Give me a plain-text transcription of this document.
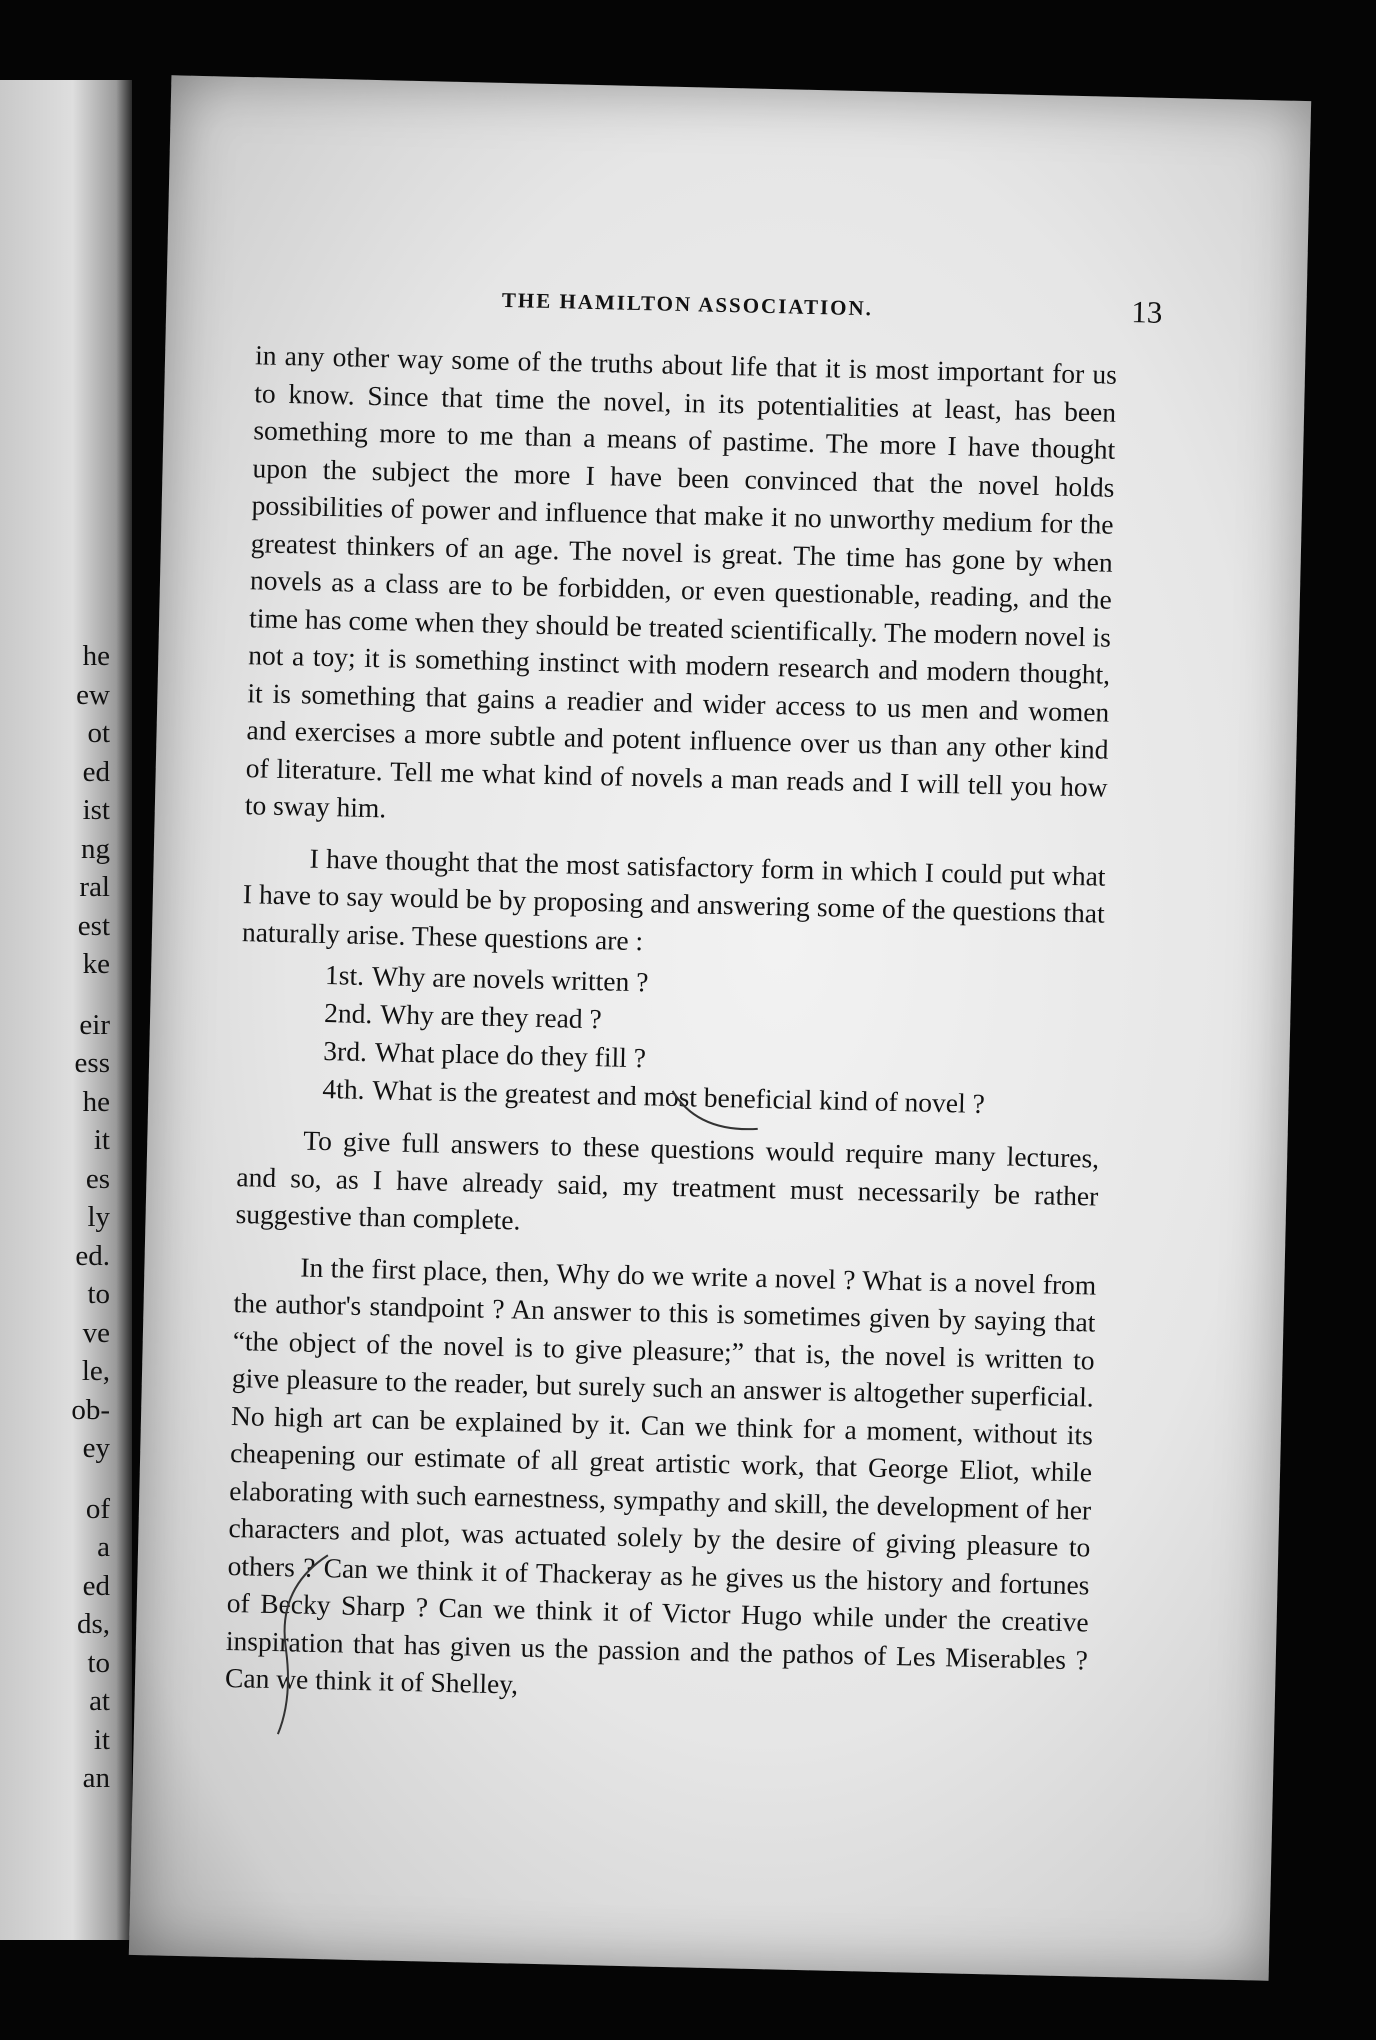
he
ew
ot
ed
ist
ng
ral
est
ke
eir
ess
he
it
es
ly
ed.
to
ve
le,
ob-
ey
of
a
ed
ds,
to
at
it
an
THE HAMILTON ASSOCIATION.	13

in any other way some of the truths about life that it is most important for us to know. Since that time the novel, in its potentialities at least, has been something more to me than a means of pastime. The more I have thought upon the subject the more I have been convinced that the novel holds possibilities of power and influence that make it no unworthy medium for the greatest thinkers of an age. The novel is great. The time has gone by when novels as a class are to be forbidden, or even questionable, reading, and the time has come when they should be treated scientifically. The modern novel is not a toy; it is something instinct with modern research and modern thought, it is something that gains a readier and wider access to us men and women and exercises a more subtle and potent influence over us than any other kind of literature. Tell me what kind of novels a man reads and I will tell you how to sway him.

I have thought that the most satisfactory form in which I could put what I have to say would be by proposing and answering some of the questions that naturally arise. These questions are :

1st. Why are novels written ?
2nd. Why are they read ?
3rd. What place do they fill ?
4th. What is the greatest and most beneficial kind of novel ?

To give full answers to these questions would require many lectures, and so, as I have already said, my treatment must necessarily be rather suggestive than complete.

In the first place, then, Why do we write a novel ? What is a novel from the author's standpoint ? An answer to this is sometimes given by saying that “the object of the novel is to give pleasure;” that is, the novel is written to give pleasure to the reader, but surely such an answer is altogether superficial. No high art can be explained by it. Can we think for a moment, without its cheapening our estimate of all great artistic work, that George Eliot, while elaborating with such earnestness, sympathy and skill, the development of her characters and plot, was actuated solely by the desire of giving pleasure to others ? Can we think it of Thackeray as he gives us the history and fortunes of Becky Sharp ? Can we think it of Victor Hugo while under the creative inspiration that has given us the passion and the pathos of Les Miserables ? Can we think it of Shelley,
